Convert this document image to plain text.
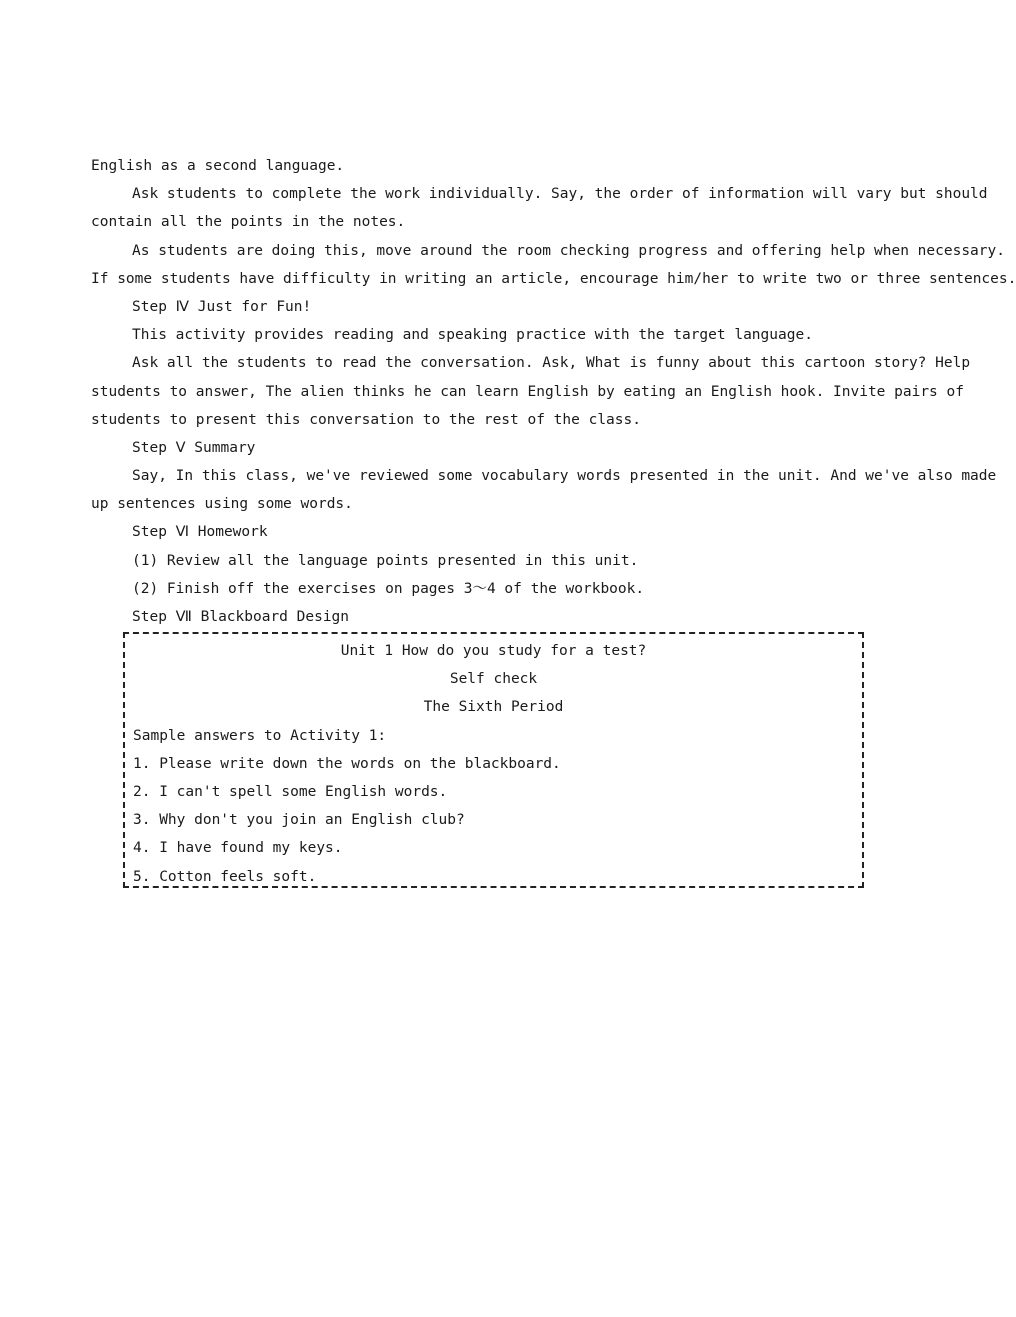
English as a second language.
Ask students to complete the work individually. Say, the order of information will vary but should
contain all the points in the notes.
As students are doing this, move around the room checking progress and offering help when necessary.
If some students have difficulty in writing an article, encourage him/her to write two or three sentences.
Step Ⅳ Just for Fun!
This activity provides reading and speaking practice with the target language.
Ask all the students to read the conversation. Ask, What is funny about this cartoon story? Help
students to answer, The alien thinks he can learn English by eating an English hook. Invite pairs of
students to present this conversation to the rest of the class.
Step Ⅴ Summary
Say, In this class, we've reviewed some vocabulary words presented in the unit. And we've also made
up sentences using some words.
Step Ⅵ Homework
(1) Review all the language points presented in this unit.
(2) Finish off the exercises on pages 3～4 of the workbook.
Step Ⅶ Blackboard Design
Unit 1 How do you study for a test?
Self check
The Sixth Period
Sample answers to Activity 1:
1. Please write down the words on the blackboard.
2. I can't spell some English words.
3. Why don't you join an English club?
4. I have found my keys.
5. Cotton feels soft.
